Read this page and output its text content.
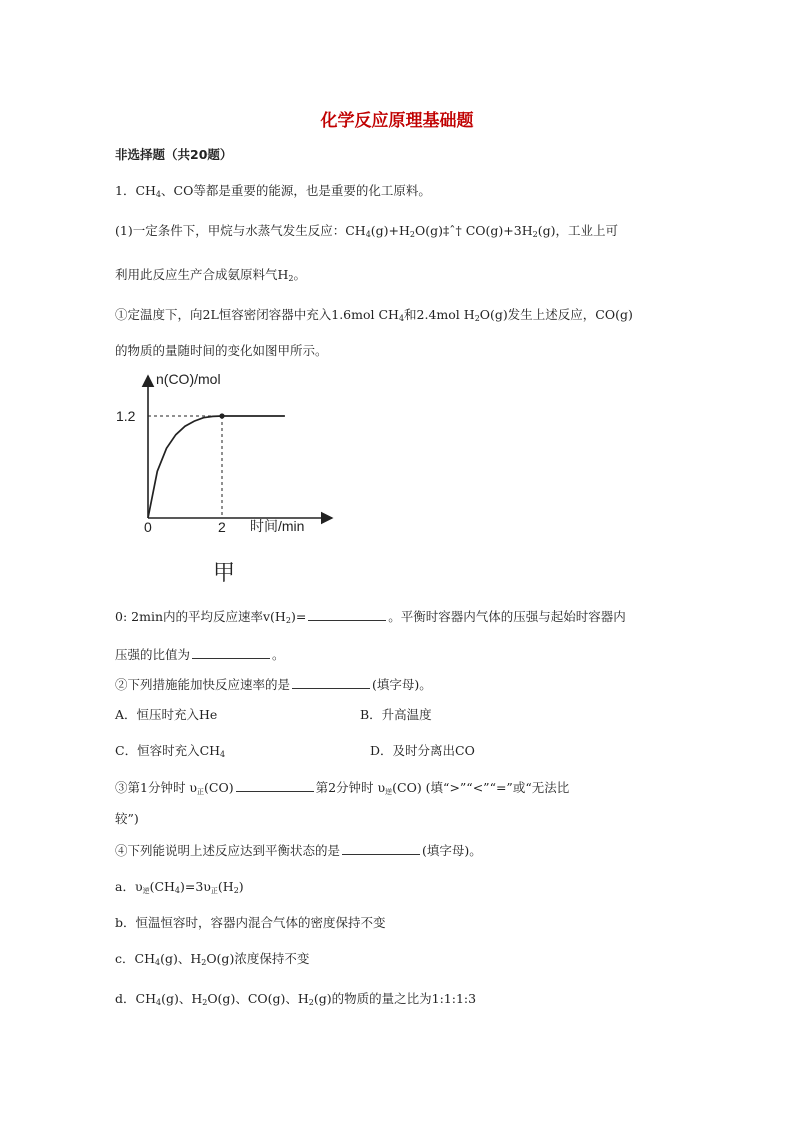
化学反应原理基础题
非选择题（共20题）
1．$CH_4$、CO等都是重要的能源，也是重要的化工原料。
(1)一定条件下，甲烷与水蒸气发生反应：$CH_4(g)+H_2O(g)\ddagger ˆ\dagger$ $CO(g)+3H_2(g)$，工业上可
利用此反应生产合成氨原料气$H_2$。
①定温度下，向2L恒容密闭容器中充入1.6mol $CH_4$和2.4mol $H_2O(g)$发生上述反应，CO(g)
的物质的量随时间的变化如图甲所示。
n(CO)/mol
时间/min
0	2
1.2
甲
0: 2min内的平均反应速率$v(H_2)=$	。平衡时容器内气体的压强与起始时容器内
压强的比值为	。
②下列措施能加快反应速率的是	(填字母)。
A．恒压时充入He	B．升高温度
C．恒容时充入$CH_4$	D．及时分离出CO
③第1分钟时 $\upsilon_正(CO)$	第2分钟时 $\upsilon_逆(CO)$ (填“>”“<”“=”或“无法比
较”)
④下列能说明上述反应达到平衡状态的是	(填字母)。
a．$\upsilon_逆(CH_4)=3\upsilon_正(H_2)$
b．恒温恒容时，容器内混合气体的密度保持不变
c．$CH_4(g)$、$H_2O(g)$浓度保持不变
d．$CH_4(g)$、$H_2O(g)$、CO(g)、$H_2(g)$的物质的量之比为1:1:1:3
